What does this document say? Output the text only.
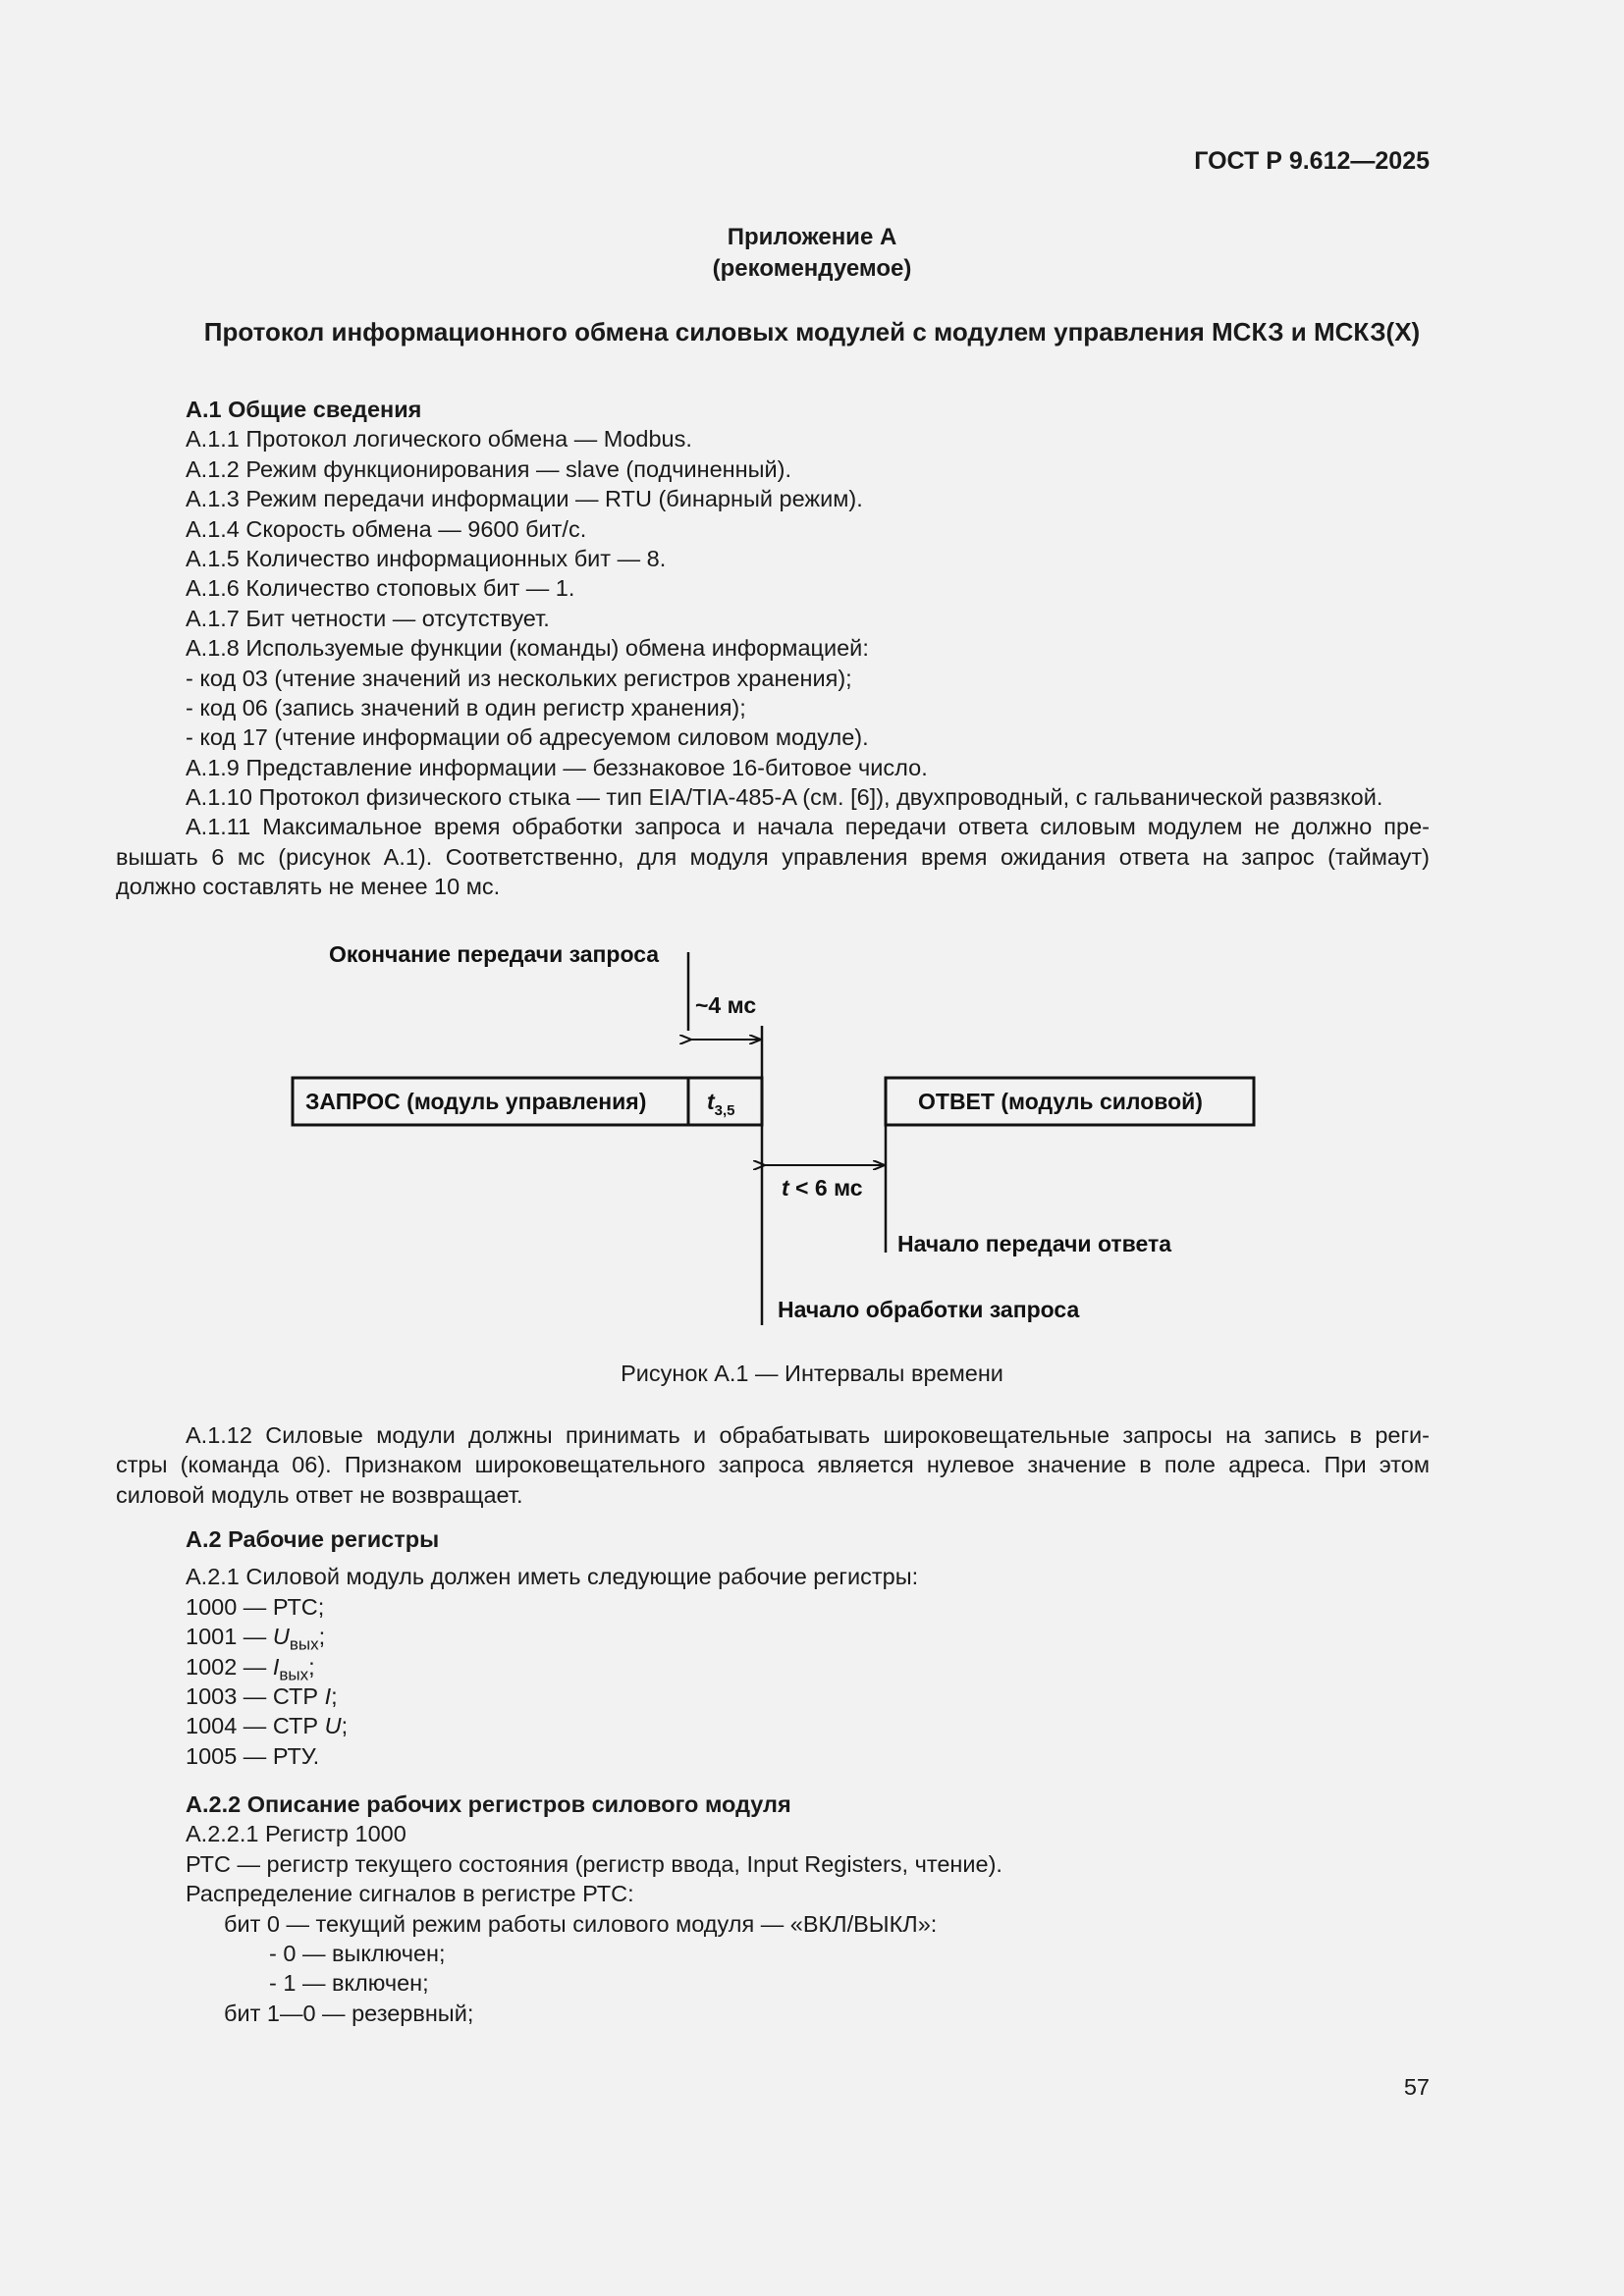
ГОСТ Р 9.612—2025
Приложение А
(рекомендуемое)
Протокол информационного обмена силовых модулей с модулем управления МСКЗ и МСКЗ(Х)
А.1 Общие сведения
А.1.1 Протокол логического обмена — Modbus.
А.1.2 Режим функционирования — slave (подчиненный).
А.1.3 Режим передачи информации — RTU (бинарный режим).
А.1.4 Скорость обмена — 9600 бит/с.
А.1.5 Количество информационных бит — 8.
А.1.6 Количество стоповых бит — 1.
А.1.7 Бит четности — отсутствует.
А.1.8 Используемые функции (команды) обмена информацией:
- код 03 (чтение значений из нескольких регистров хранения);
- код 06 (запись значений в один регистр хранения);
- код 17 (чтение информации об адресуемом силовом модуле).
А.1.9 Представление информации — беззнаковое 16-битовое число.
А.1.10 Протокол физического стыка — тип EIA/TIA-485-A (см. [6]), двухпроводный, с гальванической развязкой.
А.1.11 Максимальное время обработки запроса и начала передачи ответа силовым модулем не должно пре-
вышать 6 мс (рисунок А.1). Соответственно, для модуля управления время ожидания ответа на запрос (таймаут)
должно составлять не менее 10 мс.
Окончание передачи запроса
~4 мс
ЗАПРОС (модуль управления)	$t_{3,5}$	ОТВЕТ (модуль силовой)
t < 6 мс
Начало передачи ответа
Начало обработки запроса
Рисунок А.1 — Интервалы времени
А.1.12 Силовые модули должны принимать и обрабатывать широковещательные запросы на запись в реги-
стры (команда 06). Признаком широковещательного запроса является нулевое значение в поле адреса. При этом
силовой модуль ответ не возвращает.
А.2 Рабочие регистры
А.2.1 Силовой модуль должен иметь следующие рабочие регистры:
1000 — РТС;
1001 — $U_{вых}$;
1002 — $I_{вых}$;
1003 — СТР I;
1004 — СТР U;
1005 — РТУ.
А.2.2 Описание рабочих регистров силового модуля
А.2.2.1 Регистр 1000
РТС — регистр текущего состояния (регистр ввода, Input Registers, чтение).
Распределение сигналов в регистре РТС:
бит 0 — текущий режим работы силового модуля — «ВКЛ/ВЫКЛ»:
- 0 — выключен;
- 1 — включен;
бит 1—0 — резервный;
57
